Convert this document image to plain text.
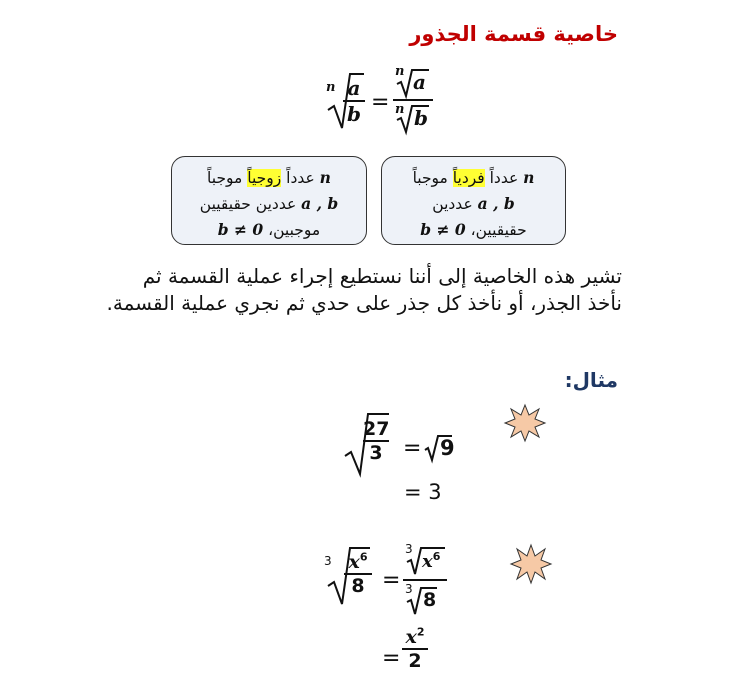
خاصية قسمة الجذور
n a
b =
n a
n b
n عدداً فردياً موجباً
a , b عددين
حقيقيين، b ≠ 0
n عدداً زوجياً موجباً
a , b عددين حقيقيين
موجبين، b ≠ 0
تشير هذه الخاصية إلى أننا نستطيع إجراء عملية القسمة ثم نأخذ الجذر، أو نأخذ كل جذر على حدي ثم نجري عملية القسمة.
مثال:
27
3 = 9
= 3
3 $x^6$
8 =
3
$x^6$
3 8
=
$x^2$
2
